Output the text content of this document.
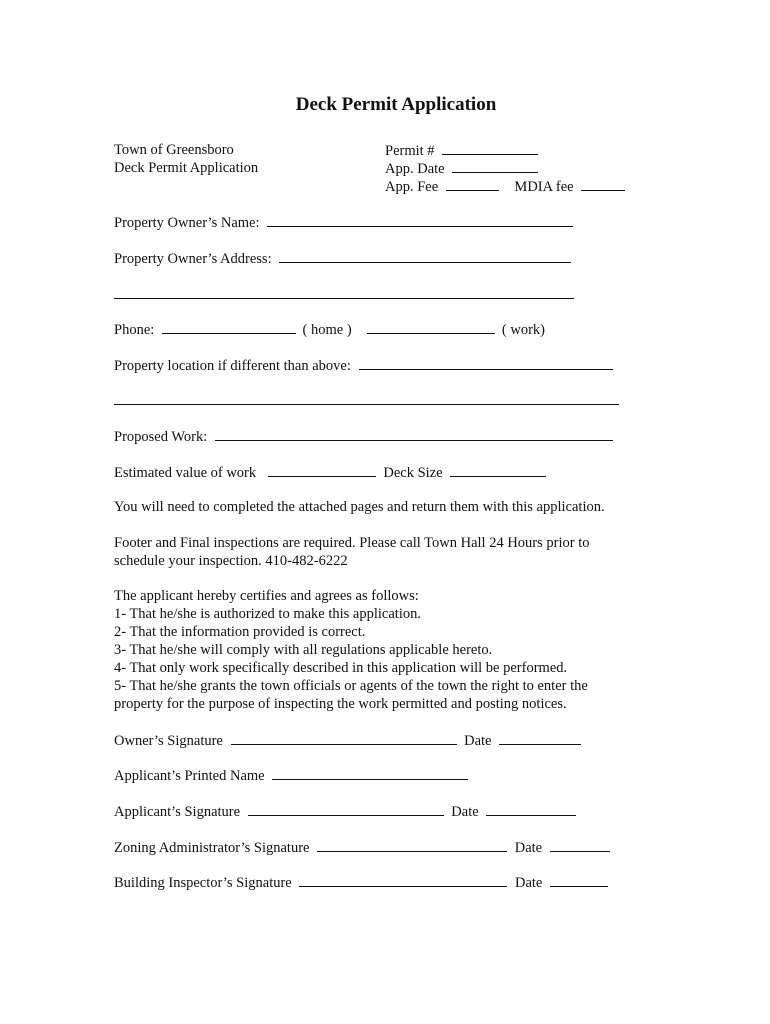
Deck Permit Application
Town of Greensboro
Deck Permit Application
Permit #
App. Date
App. Fee	MDIA fee
Property Owner’s Name:
Property Owner’s Address:
Phone:	( home )	( work)
Property location if different than above:
Proposed Work:
Estimated value of work	Deck Size
You will need to completed the attached pages and return them with this application.
Footer and Final inspections are required. Please call Town Hall 24 Hours prior to
schedule your inspection. 410-482-6222
The applicant hereby certifies and agrees as follows:
1- That he/she is authorized to make this application.
2- That the information provided is correct.
3- That he/she will comply with all regulations applicable hereto.
4- That only work specifically described in this application will be performed.
5- That he/she grants the town officials or agents of the town the right to enter the
property for the purpose of inspecting the work permitted and posting notices.
Owner’s Signature	Date
Applicant’s Printed Name
Applicant’s Signature	Date
Zoning Administrator’s Signature	Date
Building Inspector’s Signature	Date
